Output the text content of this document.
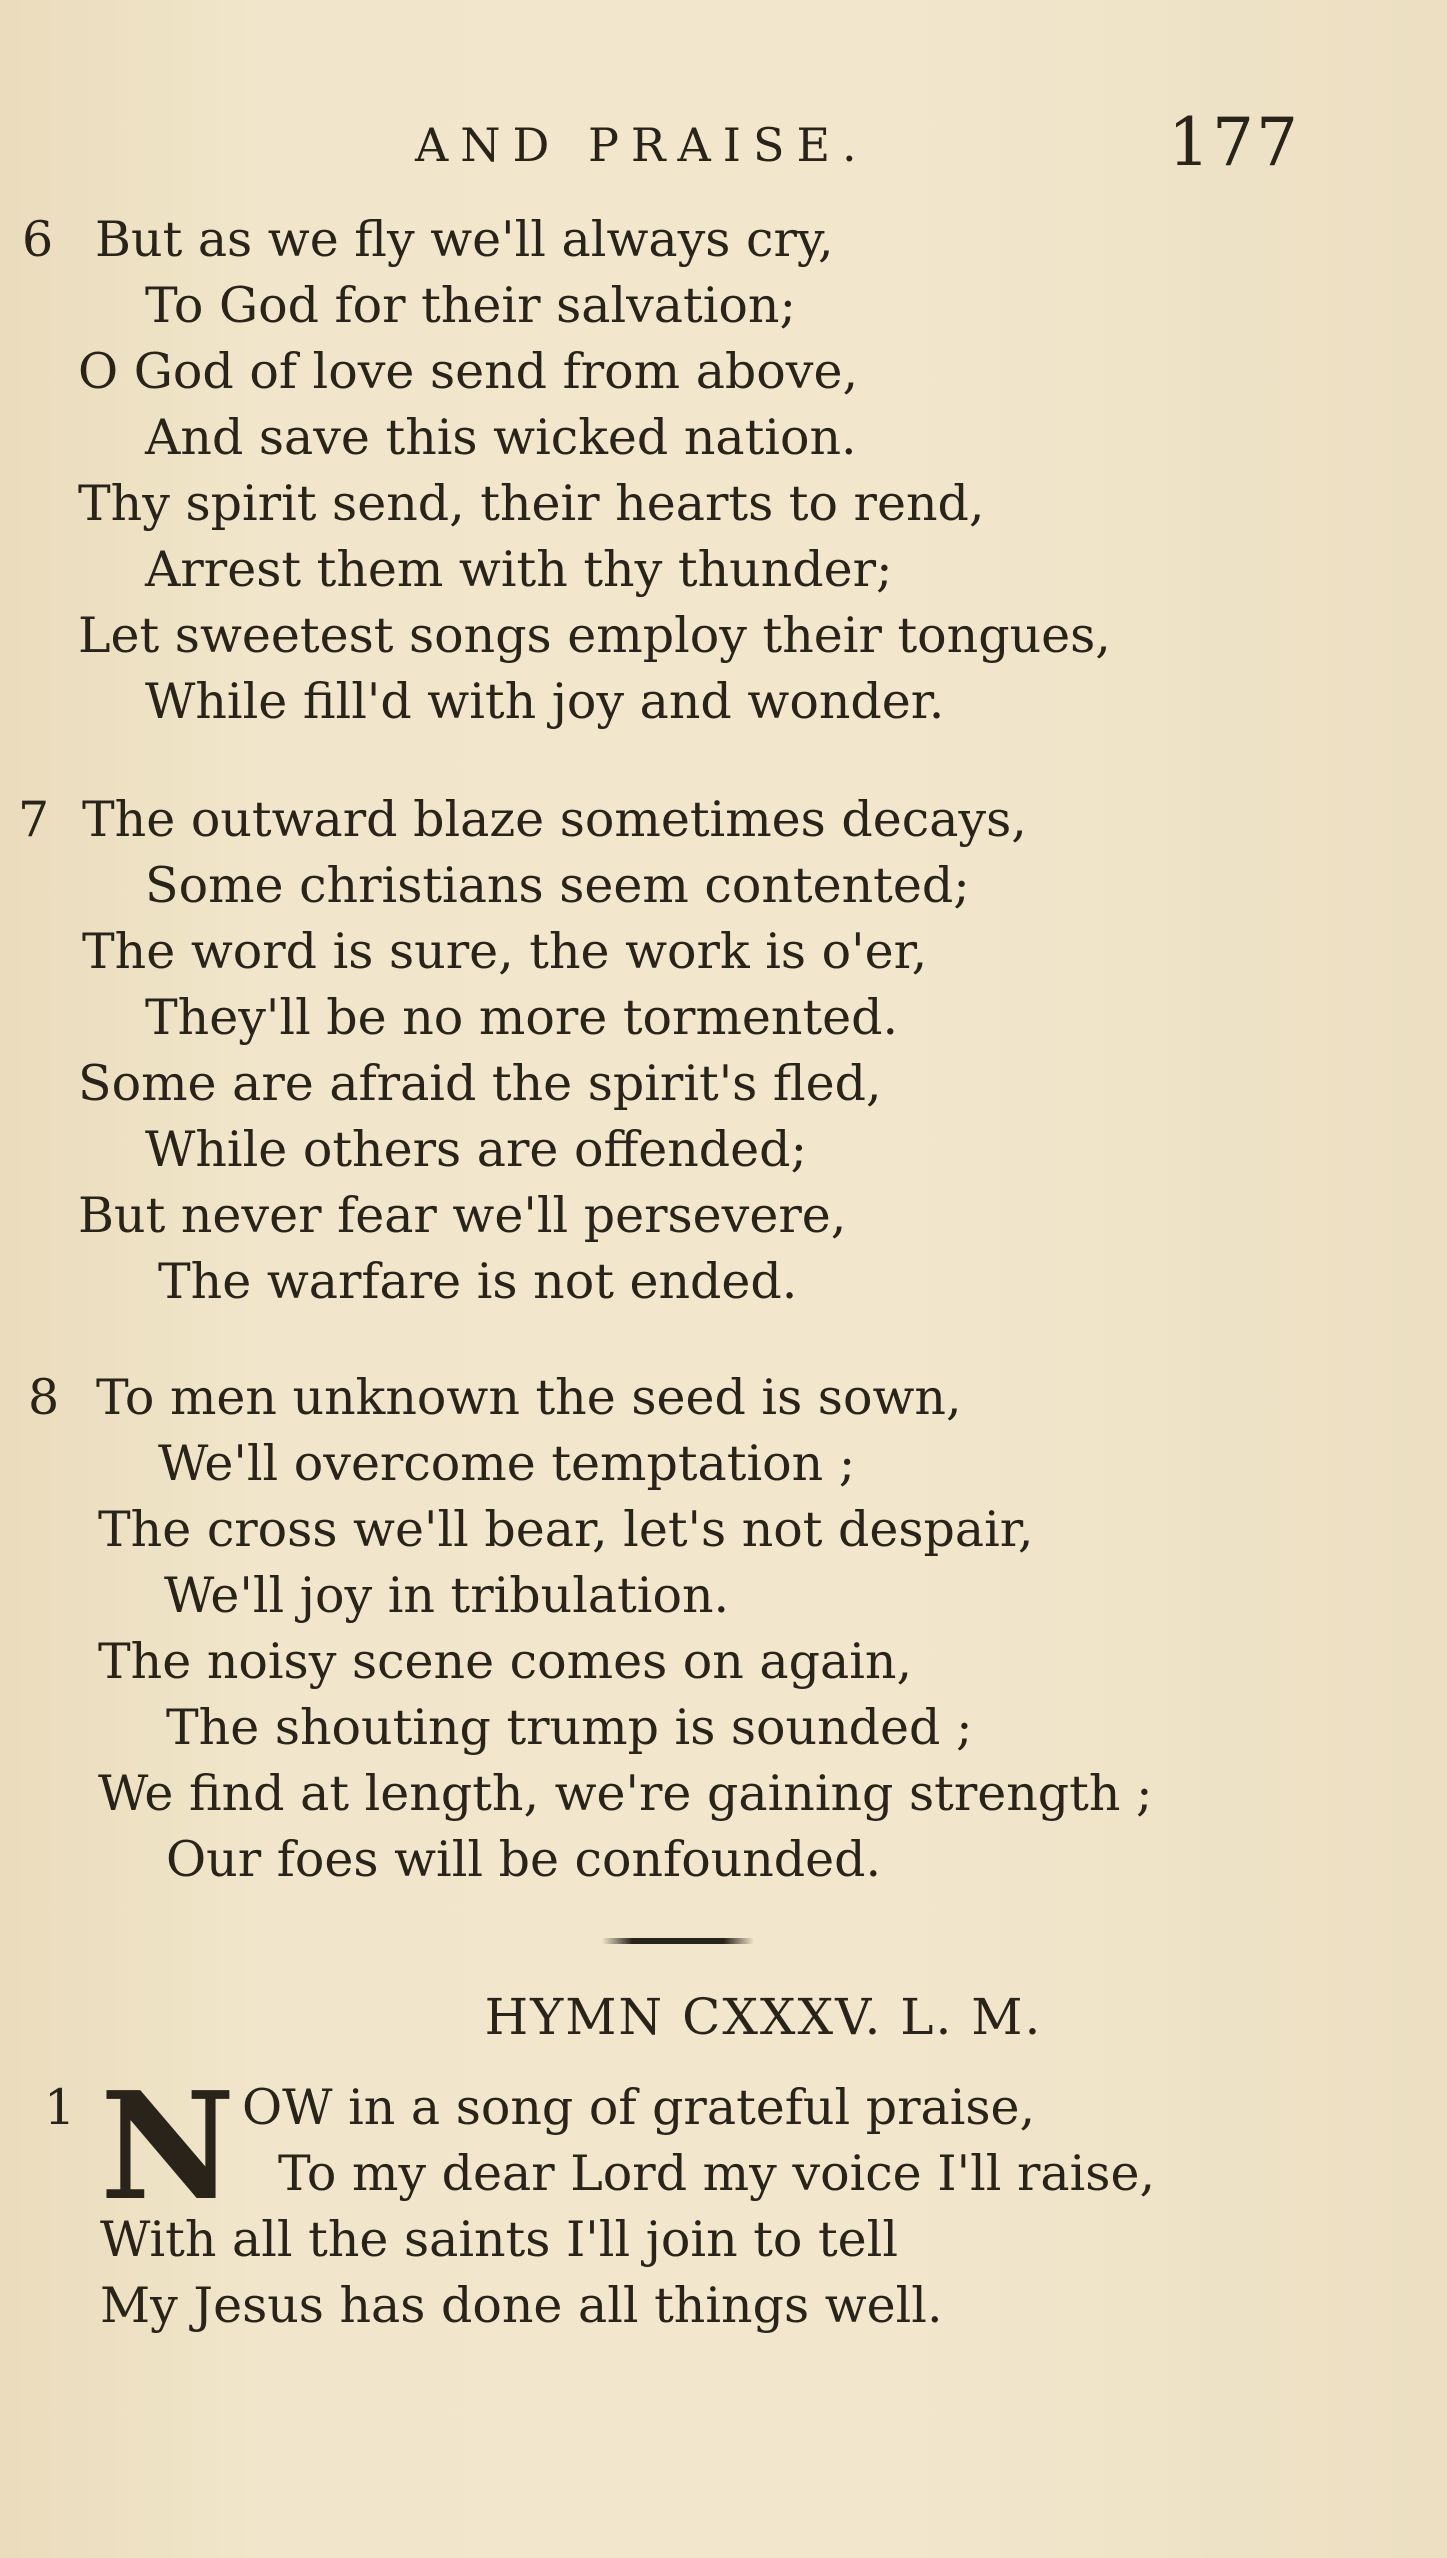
AND PRAISE.	177
6 But as we fly we'll always cry,
To God for their salvation;
O God of love send from above,
And save this wicked nation.
Thy spirit send, their hearts to rend,
Arrest them with thy thunder;
Let sweetest songs employ their tongues,
While fill'd with joy and wonder.
7 The outward blaze sometimes decays,
Some christians seem contented;
The word is sure, the work is o'er,
They'll be no more tormented.
Some are afraid the spirit's fled,
While others are offended;
But never fear we'll persevere,
The warfare is not ended.
8 To men unknown the seed is sown,
We'll overcome temptation ;
The cross we'll bear, let's not despair,
We'll joy in tribulation.
The noisy scene comes on again,
The shouting trump is sounded ;
We find at length, we're gaining strength ;
Our foes will be confounded.
HYMN CXXXV. L. M.
1 N OW in a song of grateful praise,
To my dear Lord my voice I'll raise,
With all the saints I'll join to tell
My Jesus has done all things well.
